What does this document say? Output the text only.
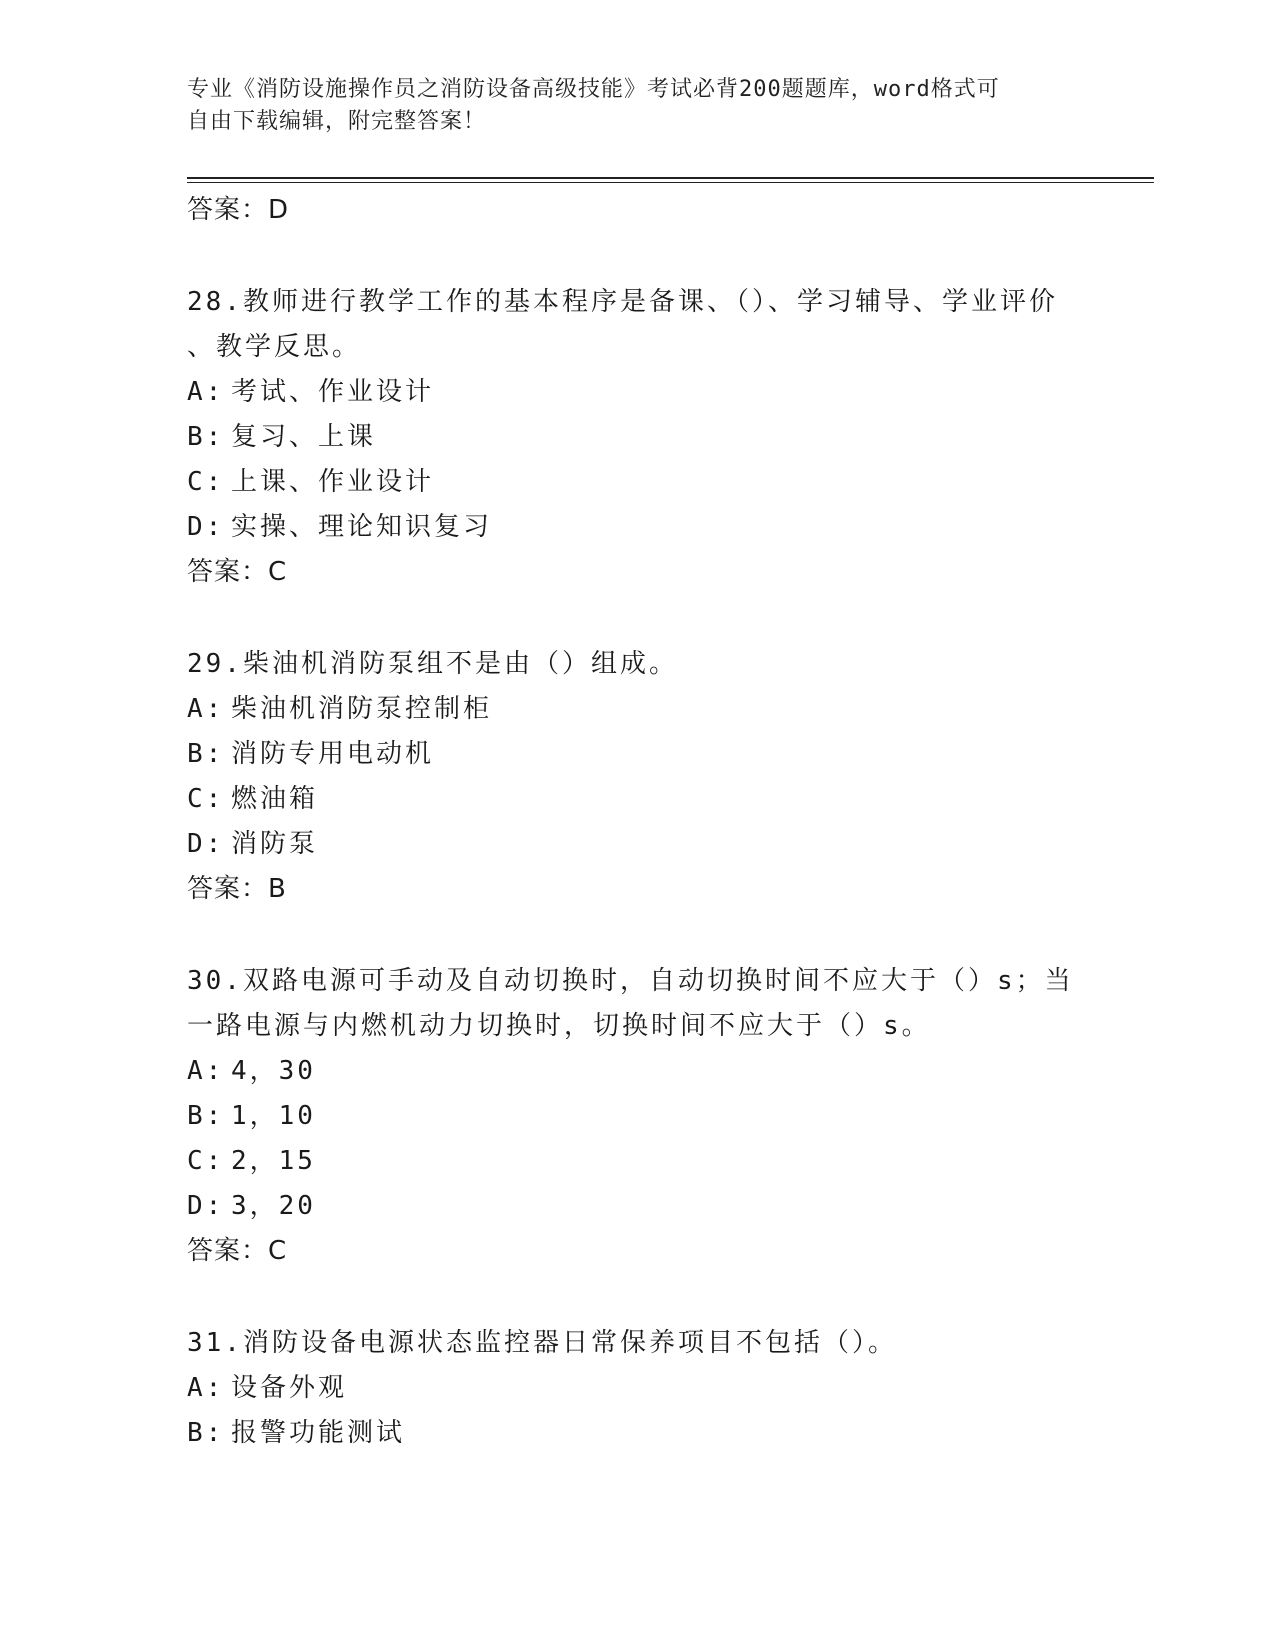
专业《消防设施操作员之消防设备高级技能》考试必背200题题库，word格式可
自由下载编辑，附完整答案！
答案：D
28.教师进行教学工作的基本程序是备课、（）、学习辅导、学业评价
、教学反思。
A: 考试、作业设计
B: 复习、上课
C: 上课、作业设计
D: 实操、理论知识复习
答案：C
29.柴油机消防泵组不是由（）组成。
A: 柴油机消防泵控制柜
B: 消防专用电动机
C: 燃油箱
D: 消防泵
答案：B
30.双路电源可手动及自动切换时，自动切换时间不应大于（）s；当
一路电源与内燃机动力切换时，切换时间不应大于（）s。
A: 4，30
B: 1，10
C: 2，15
D: 3，20
答案：C
31.消防设备电源状态监控器日常保养项目不包括（）。
A: 设备外观
B: 报警功能测试
